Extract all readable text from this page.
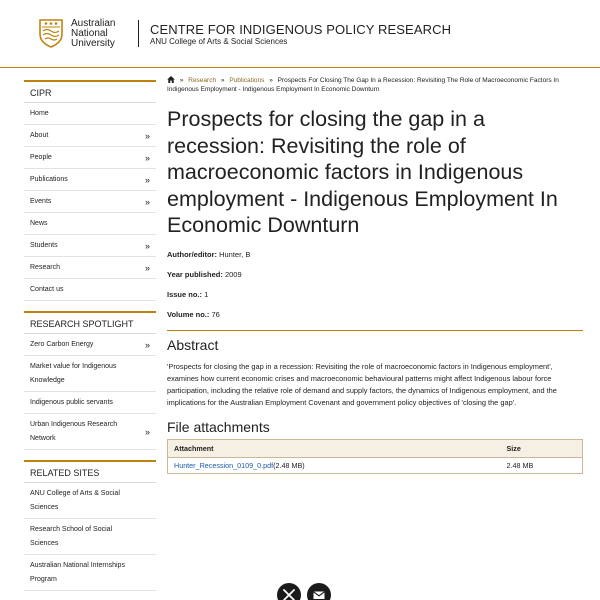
Australian
National
University
CENTRE FOR INDIGENOUS POLICY RESEARCH
ANU College of Arts & Social Sciences
CIPR
Home
About	»
People	»
Publications	»
Events	»
News
Students	»
Research	»
Contact us
RESEARCH SPOTLIGHT
Zero Carbon Energy	»
Market value for Indigenous Knowledge
Indigenous public servants
Urban Indigenous Research Network
»
RELATED SITES
ANU College of Arts & Social Sciences
Research School of Social Sciences
Australian National Internships Program
» Research » Publications » Prospects For Closing The Gap In a Recession: Revisiting The Role of Macroeconomic Factors In Indigenous Employment - Indigenous Employment In Economic Downturn
Prospects for closing the gap in a recession: Revisiting the role of macroeconomic factors in Indigenous employment - Indigenous Employment In Economic Downturn
Author/editor: Hunter, B
Year published: 2009
Issue no.: 1
Volume no.: 76
Abstract

'Prospects for closing the gap in a recession: Revisiting the role of macroeconomic factors in Indigenous employment', examines how current economic crises and macroeconomic behavioural patterns might affect Indigenous labour force participation, including the relative role of demand and supply factors, the dynamics of Indigenous employment, and the implications for the Australian Employment Covenant and government policy objectives of 'closing the gap'.

File attachments
Attachment	Size
Hunter_Recession_0109_0.pdf(2.48 MB)	2.48 MB
